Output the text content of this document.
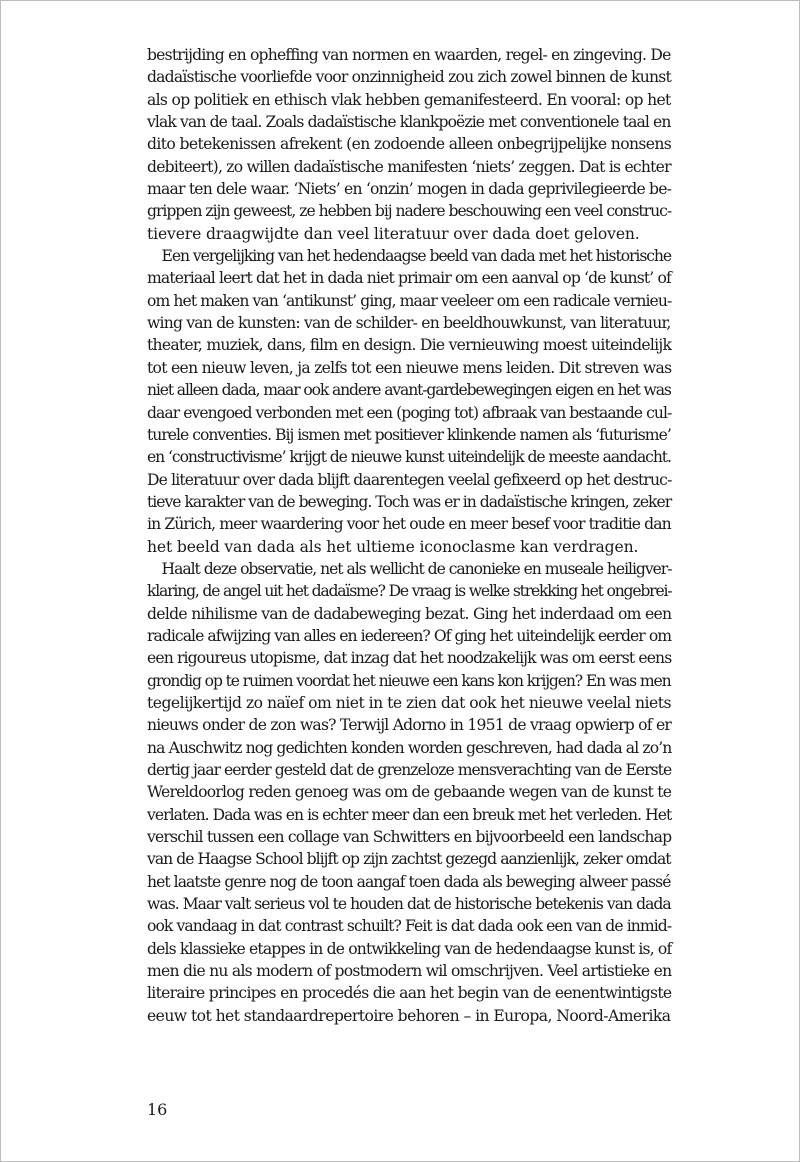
bestrijding en opheffing van normen en waarden, regel- en zingeving. De
dadaïstische voorliefde voor onzinnigheid zou zich zowel binnen de kunst
als op politiek en ethisch vlak hebben gemanifesteerd. En vooral: op het
vlak van de taal. Zoals dadaïstische klankpoëzie met conventionele taal en
dito betekenissen afrekent (en zodoende alleen onbegrijpelijke nonsens
debiteert), zo willen dadaïstische manifesten ‘niets’ zeggen. Dat is echter
maar ten dele waar. ‘Niets’ en ‘onzin’ mogen in dada geprivilegieerde be-
grippen zijn geweest, ze hebben bij nadere beschouwing een veel construc-
tievere draagwijdte dan veel literatuur over dada doet geloven.
 Een vergelijking van het hedendaagse beeld van dada met het historische
materiaal leert dat het in dada niet primair om een aanval op ‘de kunst’ of
om het maken van ‘antikunst’ ging, maar veeleer om een radicale vernieu-
wing van de kunsten: van de schilder- en beeldhouwkunst, van literatuur,
theater, muziek, dans, film en design. Die vernieuwing moest uiteindelijk
tot een nieuw leven, ja zelfs tot een nieuwe mens leiden. Dit streven was
niet alleen dada, maar ook andere avant-gardebewegingen eigen en het was
daar evengoed verbonden met een (poging tot) afbraak van bestaande cul-
turele conventies. Bij ismen met positiever klinkende namen als ‘futurisme’
en ‘constructivisme’ krijgt de nieuwe kunst uiteindelijk de meeste aandacht.
De literatuur over dada blijft daarentegen veelal gefixeerd op het destruc-
tieve karakter van de beweging. Toch was er in dadaïstische kringen, zeker
in Zürich, meer waardering voor het oude en meer besef voor traditie dan
het beeld van dada als het ultieme iconoclasme kan verdragen.
 Haalt deze observatie, net als wellicht de canonieke en museale heiligver-
klaring, de angel uit het dadaïsme? De vraag is welke strekking het ongebrei-
delde nihilisme van de dadabeweging bezat. Ging het inderdaad om een
radicale afwijzing van alles en iedereen? Of ging het uiteindelijk eerder om
een rigoureus utopisme, dat inzag dat het noodzakelijk was om eerst eens
grondig op te ruimen voordat het nieuwe een kans kon krijgen? En was men
tegelijkertijd zo naïef om niet in te zien dat ook het nieuwe veelal niets
nieuws onder de zon was? Terwijl Adorno in 1951 de vraag opwierp of er
na Auschwitz nog gedichten konden worden geschreven, had dada al zo’n
dertig jaar eerder gesteld dat de grenzeloze mensverachting van de Eerste
Wereldoorlog reden genoeg was om de gebaande wegen van de kunst te
verlaten. Dada was en is echter meer dan een breuk met het verleden. Het
verschil tussen een collage van Schwitters en bijvoorbeeld een landschap
van de Haagse School blijft op zijn zachtst gezegd aanzienlijk, zeker omdat
het laatste genre nog de toon aangaf toen dada als beweging alweer passé
was. Maar valt serieus vol te houden dat de historische betekenis van dada
ook vandaag in dat contrast schuilt? Feit is dat dada ook een van de inmid-
dels klassieke etappes in de ontwikkeling van de hedendaagse kunst is, of
men die nu als modern of postmodern wil omschrijven. Veel artistieke en
literaire principes en procedés die aan het begin van de eenentwintigste
eeuw tot het standaardrepertoire behoren – in Europa, Noord-Amerika
16
